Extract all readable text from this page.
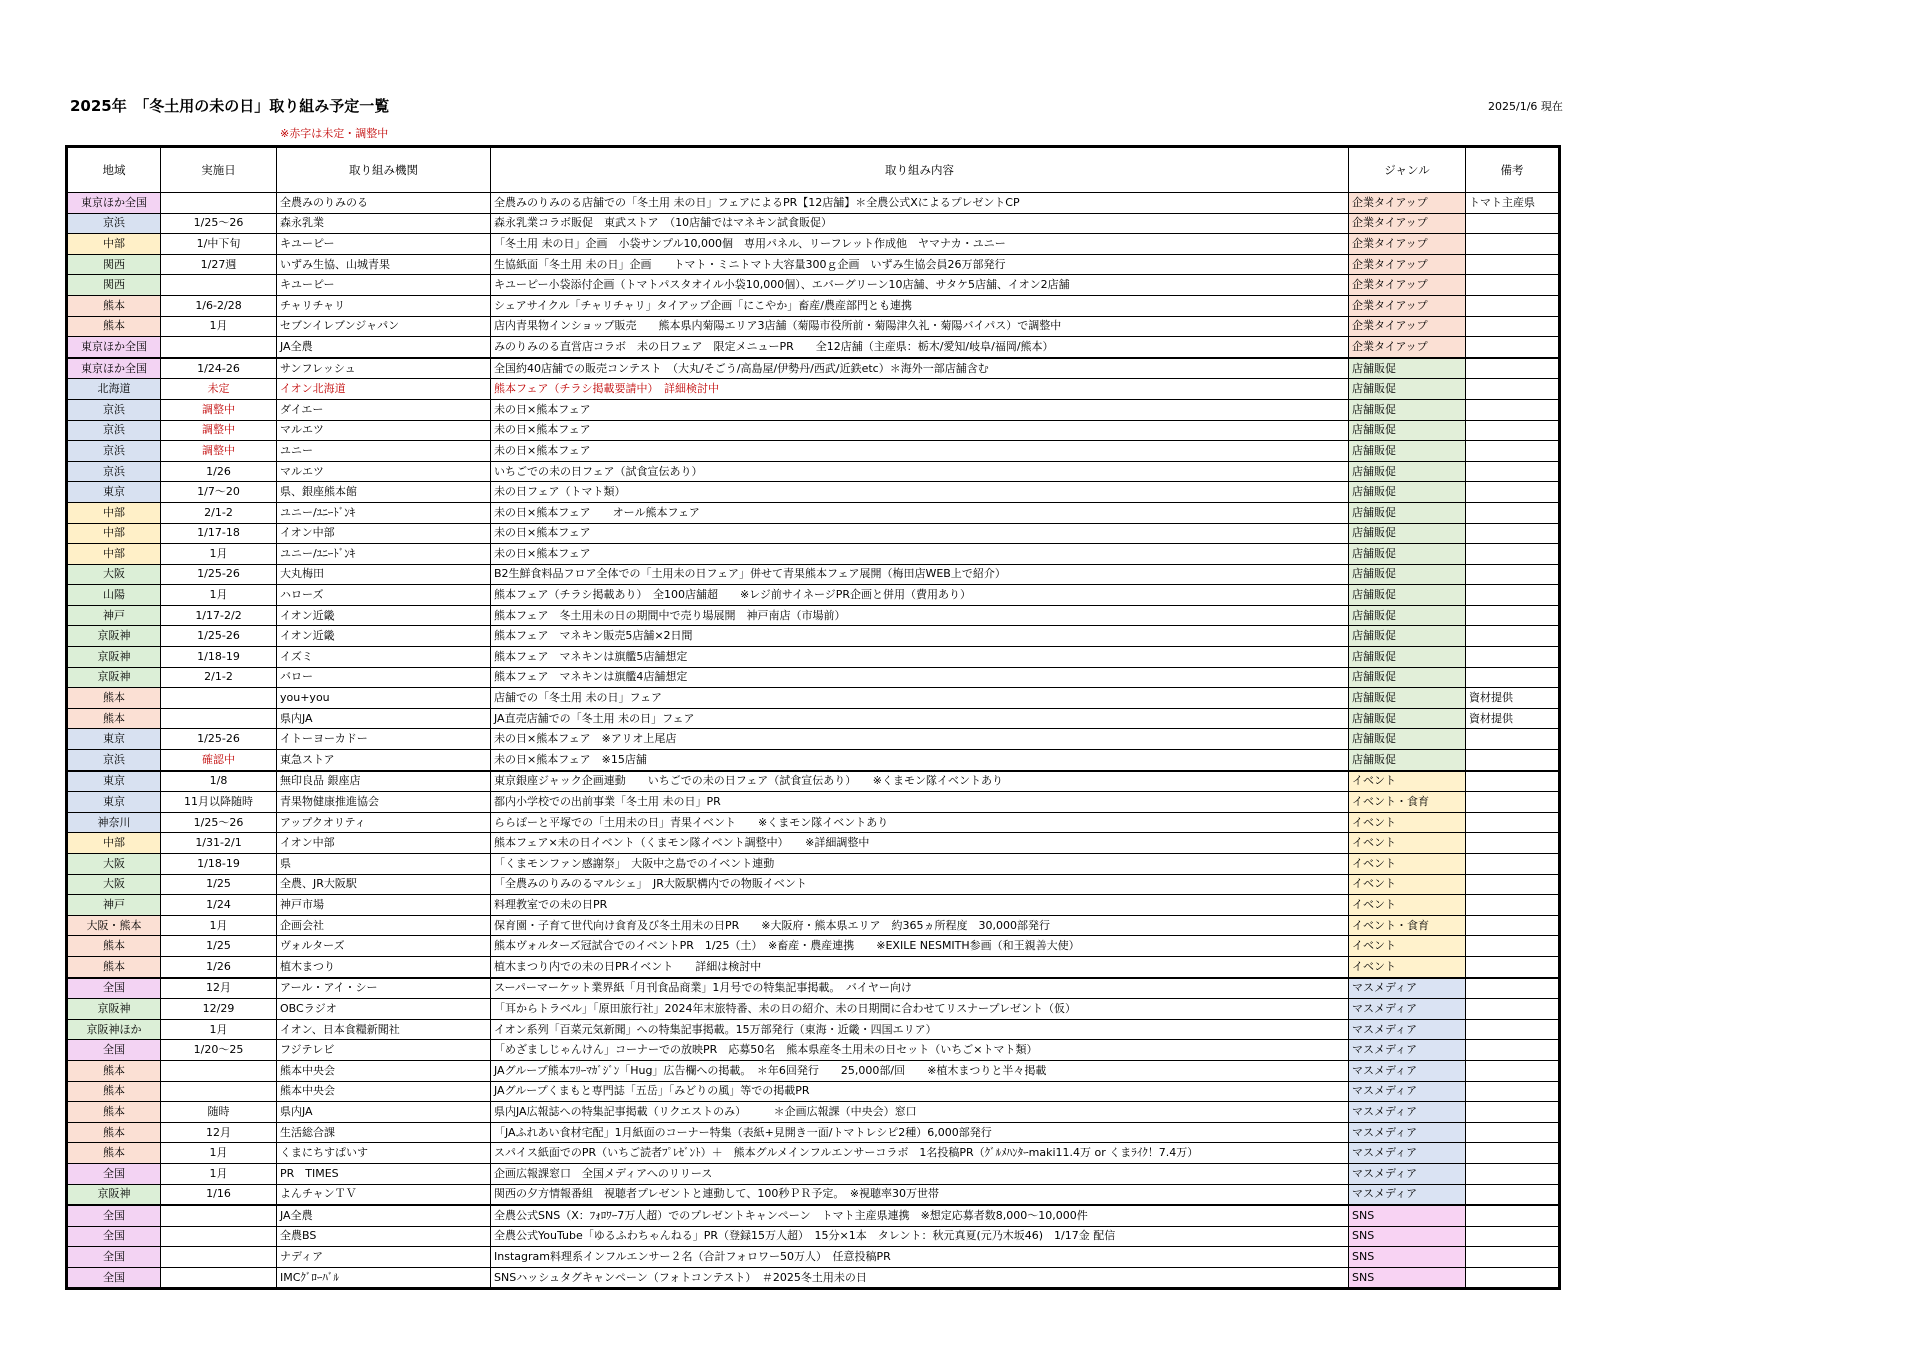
2025年　「冬土用の未の日」取り組み予定一覧	2025/1/6 現在
※赤字は未定・調整中
地域	実施日	取り組み機関	取り組み内容	ジャンル	備考
東京ほか全国		全農みのりみのる	全農みのりみのる店舗での「冬土用 未の日」フェアによるPR【12店舗】＊全農公式XによるプレゼントCP	企業タイアップ	トマト主産県
京浜	1/25〜26	森永乳業	森永乳業コラボ販促　東武ストア　（10店舗ではマネキン試食販促）	企業タイアップ	
中部	1/中下旬	キユーピー	「冬土用 未の日」企画　小袋サンプル10,000個　専用パネル、リーフレット作成他　ヤマナカ・ユニー	企業タイアップ	
関西	1/27週	いずみ生協、山城青果	生協紙面「冬土用 未の日」企画　　トマト・ミニトマト大容量300ｇ企画　いずみ生協会員26万部発行	企業タイアップ	
関西		キユーピー	キユーピー小袋添付企画（トマトパスタオイル小袋10,000個）、エバーグリーン10店舗、サタケ5店舗、イオン2店舗	企業タイアップ	
熊本	1/6-2/28	チャリチャリ	シェアサイクル「チャリチャリ」タイアップ企画「にこやか」畜産/農産部門とも連携	企業タイアップ	
熊本	1月	セブンイレブンジャパン	店内青果物インショップ販売　　熊本県内菊陽エリア3店舗（菊陽市役所前・菊陽津久礼・菊陽バイパス）で調整中	企業タイアップ	
東京ほか全国		JA全農	みのりみのる直営店コラボ　未の日フェア　限定メニューPR　　全12店舗（主産県：栃木/愛知/岐阜/福岡/熊本）	企業タイアップ	
東京ほか全国	1/24-26	サンフレッシュ	全国約40店舗での販売コンテスト　（大丸/そごう/高島屋/伊勢丹/西武/近鉄etc）＊海外一部店舗含む	店舗販促	
北海道	未定	イオン北海道	熊本フェア（チラシ掲載要請中）　詳細検討中	店舗販促	
京浜	調整中	ダイエー	未の日×熊本フェア	店舗販促	
京浜	調整中	マルエツ	未の日×熊本フェア	店舗販促	
京浜	調整中	ユニー	未の日×熊本フェア	店舗販促	
京浜	1/26	マルエツ	いちごでの未の日フェア（試食宣伝あり）	店舗販促	
東京	1/7〜20	県、銀座熊本館	未の日フェア（トマト類）	店舗販促	
中部	2/1-2	ユニー/ﾕﾆｰﾄﾞﾝｷ	未の日×熊本フェア　　オール熊本フェア	店舗販促	
中部	1/17-18	イオン中部	未の日×熊本フェア	店舗販促	
中部	1月	ユニー/ﾕﾆｰﾄﾞﾝｷ	未の日×熊本フェア	店舗販促	
大阪	1/25-26	大丸梅田	B2生鮮食料品フロア全体での「土用未の日フェア」併せて青果熊本フェア展開（梅田店WEB上で紹介）	店舗販促	
山陽	1月	ハローズ	熊本フェア（チラシ掲載あり）　全100店舗超　　※レジ前サイネージPR企画と併用（費用あり）	店舗販促	
神戸	1/17-2/2	イオン近畿	熊本フェア　冬土用未の日の期間中で売り場展開　神戸南店（市場前）	店舗販促	
京阪神	1/25-26	イオン近畿	熊本フェア　マネキン販売5店舗×2日間	店舗販促	
京阪神	1/18-19	イズミ	熊本フェア　マネキンは旗艦5店舗想定	店舗販促	
京阪神	2/1-2	バロー	熊本フェア　マネキンは旗艦4店舗想定	店舗販促	
熊本		you+you	店舗での「冬土用 未の日」フェア	店舗販促	資材提供
熊本		県内JA	JA直売店舗での「冬土用 未の日」フェア	店舗販促	資材提供
東京	1/25-26	イトーヨーカドー	未の日×熊本フェア　※アリオ上尾店	店舗販促	
京浜	確認中	東急ストア	未の日×熊本フェア　※15店舗	店舗販促	
東京	1/8	無印良品 銀座店	東京銀座ジャック企画連動　　いちごでの未の日フェア（試食宣伝あり）　　※くまモン隊イベントあり	イベント	
東京	11月以降随時	青果物健康推進協会	都内小学校での出前事業「冬土用 未の日」PR	イベント・食育	
神奈川	1/25〜26	アップクオリティ	ららぽーと平塚での「土用未の日」青果イベント　　※くまモン隊イベントあり	イベント	
中部	1/31-2/1	イオン中部	熊本フェア×未の日イベント（くまモン隊イベント調整中）　　※詳細調整中	イベント	
大阪	1/18-19	県	「くまモンファン感謝祭」　大阪中之島でのイベント連動	イベント	
大阪	1/25	全農、JR大阪駅	「全農みのりみのるマルシェ」　JR大阪駅構内での物販イベント	イベント	
神戸	1/24	神戸市場	料理教室での未の日PR	イベント	
大阪・熊本	1月	企画会社	保育園・子育て世代向け食育及び冬土用未の日PR　　※大阪府・熊本県エリア　約365ヵ所程度　30,000部発行	イベント・食育	
熊本	1/25	ヴォルターズ	熊本ヴォルターズ冠試合でのイベントPR　1/25（土）　※畜産・農産連携　　※EXILE NESMITH参画（和王親善大使）	イベント	
熊本	1/26	植木まつり	植木まつり内での未の日PRイベント　　詳細は検討中	イベント	
全国	12月	アール・アイ・シー	スーパーマーケット業界紙「月刊食品商業」1月号での特集記事掲載。　バイヤー向け	マスメディア	
京阪神	12/29	OBCラジオ	「耳からトラベル」「原田旅行社」2024年末旅特番、未の日の紹介、未の日期間に合わせてリスナープレゼント（仮）	マスメディア	
京阪神ほか	1月	イオン、日本食糧新聞社	イオン系列「百菜元気新聞」への特集記事掲載。15万部発行（東海・近畿・四国エリア）	マスメディア	
全国	1/20〜25	フジテレビ	「めざましじゃんけん」コーナーでの放映PR　応募50名　熊本県産冬土用未の日セット（いちご×トマト類）	マスメディア	
熊本		熊本中央会	JAグループ熊本ﾌﾘｰﾏｶﾞｼﾞﾝ「Hug」広告欄への掲載。　＊年6回発行　　25,000部/回　　※植木まつりと半々掲載	マスメディア	
熊本		熊本中央会	JAグループくまもと専門誌「五岳」「みどりの風」等での掲載PR	マスメディア	
熊本	随時	県内JA	県内JA広報誌への特集記事掲載（リクエストのみ）　　　＊企画広報課（中央会）窓口	マスメディア	
熊本	12月	生活総合課	「JAふれあい食材宅配」1月紙面のコーナー特集（表紙+見開き一面/トマトレシピ2種）6,000部発行	マスメディア	
熊本	1月	くまにちすぱいす	スパイス紙面でのPR（いちご読者ﾌﾟﾚｾﾞﾝﾄ）＋　熊本グルメインフルエンサーコラボ　1名投稿PR（ｸﾞﾙﾒﾊﾝﾀｰmaki11.4万 or くまﾗｲｸ！7.4万）	マスメディア	
全国	1月	PR　TIMES	企画広報課窓口　全国メディアへのリリース	マスメディア	
京阪神	1/16	よんチャンＴＶ	関西の夕方情報番組　視聴者プレゼントと連動して、100秒ＰＲ予定。　※視聴率30万世帯	マスメディア	
全国		JA全農	全農公式SNS（X：ﾌｫﾛﾜｰ7万人超）でのプレゼントキャンペーン　トマト主産県連携　※想定応募者数8,000〜10,000件	SNS	
全国		全農BS	全農公式YouTube「ゆるふわちゃんねる」PR（登録15万人超）　15分×1本　タレント：秋元真夏(元乃木坂46)　1/17金 配信	SNS	
全国		ナディア	Instagram料理系インフルエンサー２名（合計フォロワー50万人）　任意投稿PR	SNS	
全国		IMCｸﾞﾛｰﾊﾞﾙ	SNSハッシュタグキャンペーン（フォトコンテスト）　＃2025冬土用未の日	SNS	
